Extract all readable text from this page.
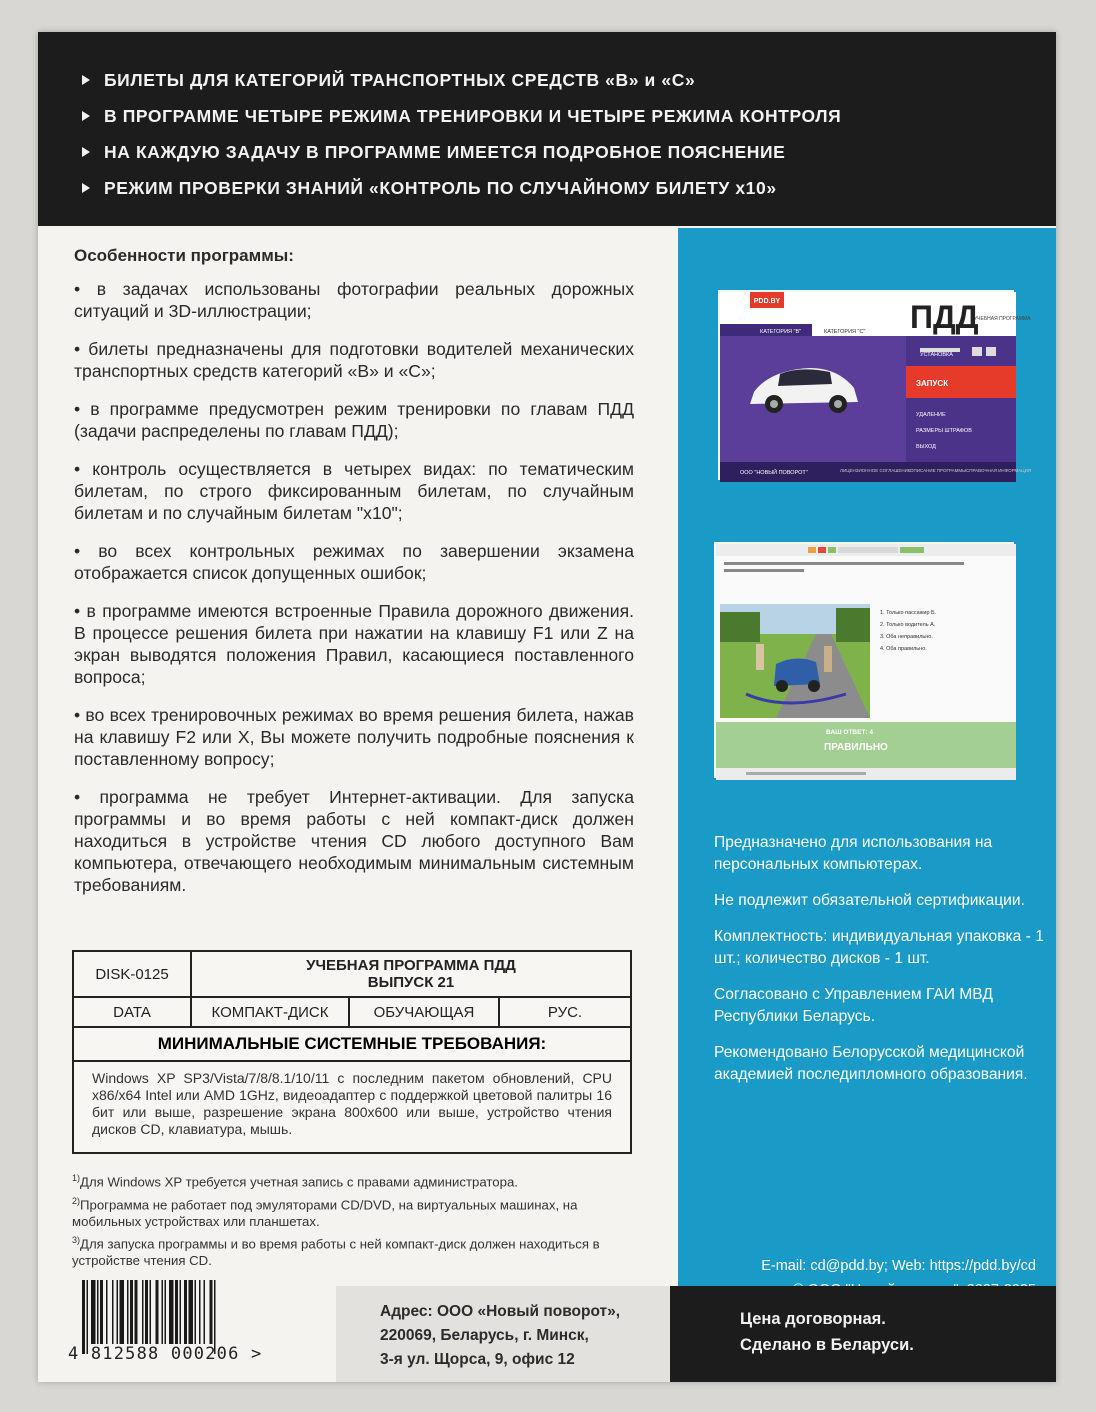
БИЛЕТЫ ДЛЯ КАТЕГОРИЙ ТРАНСПОРТНЫХ СРЕДСТВ «В» и «С»
В ПРОГРАММЕ ЧЕТЫРЕ РЕЖИМА ТРЕНИРОВКИ И ЧЕТЫРЕ РЕЖИМА КОНТРОЛЯ
НА КАЖДУЮ ЗАДАЧУ В ПРОГРАММЕ ИМЕЕТСЯ ПОДРОБНОЕ ПОЯСНЕНИЕ
РЕЖИМ ПРОВЕРКИ ЗНАНИЙ «КОНТРОЛЬ ПО СЛУЧАЙНОМУ БИЛЕТУ х10»
Особенности программы:

• в задачах использованы фотографии реальных дорожных ситуаций и 3D-иллюстрации;

• билеты предназначены для подготовки водителей механических транспортных средств категорий «В» и «С»;

• в программе предусмотрен режим тренировки по главам ПДД (задачи распределены по главам ПДД);

• контроль осуществляется в четырех видах: по тематическим билетам, по строго фиксированным билетам, по случайным билетам и по случайным билетам "х10";

• во всех контрольных режимах по завершении экзамена отображается список допущенных ошибок;

• в программе имеются встроенные Правила дорожного движения. В процессе решения билета при нажатии на клавишу F1 или Z на экран выводятся положения Правил, касающиеся поставленного вопроса;

• во всех тренировочных режимах во время решения билета, нажав на клавишу F2 или X, Вы можете получить подробные пояснения к поставленному вопросу;

• программа не требует Интернет-активации. Для запуска программы и во время работы с ней компакт-диск должен находиться в устройстве чтения CD любого доступного Вам компьютера, отвечающего необходимым минимальным системным требованиям.

DISK-0125	УЧЕБНАЯ ПРОГРАММА ПДД
ВЫПУСК 21
DATA	КОМПАКТ-ДИСК	ОБУЧАЮЩАЯ	РУС.
МИНИМАЛЬНЫЕ СИСТЕМНЫЕ ТРЕБОВАНИЯ:
Windows XP SP3/Vista/7/8/8.1/10/11 с последним пакетом обновлений, CPU x86/x64 Intel или AMD 1GHz, видеоадаптер с поддержкой цветовой палитры 16 бит или выше, разрешение экрана 800x600 или выше, устройство чтения дисков CD, клавиатура, мышь.
$^{1)}$Для Windows XP требуется учетная запись с правами администратора.
$^{2)}$Программа не работает под эмуляторами CD/DVD, на виртуальных машинах, на мобильных устройствах или планшетах.
$^{3)}$Для запуска программы и во время работы с ней компакт-диск должен находиться в устройстве чтения CD.
4 812588 000206 >
Адрес: ООО «Новый поворот»,
220069, Беларусь, г. Минск,
3-я ул. Щорса, 9, офис 12
PDD.BY	ПДД
УЧЕБНАЯ ПРОГРАММА
КАТЕГОРИЯ "В"	КАТЕГОРИЯ "С"
УСТАНОВКА
ЗАПУСК
УДАЛЕНИЕ
РАЗМЕРЫ ШТРАФОВ
ВЫХОД
ООО "НОВЫЙ ПОВОРОТ"	ЛИЦЕНЗИОННОЕ СОГЛАШЕНИЕ ОПИСАНИЕ ПРОГРАММЫ СПРАВОЧНАЯ ИНФОРМАЦИЯ
1. Только пассажир Б.
2. Только водитель А.
3. Оба неправильно.
4. Оба правильно.
ВАШ ОТВЕТ: 4
ПРАВИЛЬНО

Предназначено для использования на персональных компьютерах.

Не подлежит обязательной сертификации.

Комплектность: индивидуальная упаковка - 1 шт.; количество дисков - 1 шт.

Согласовано с Управлением ГАИ МВД Республики Беларусь.

Рекомендовано Белорусской медицинской академией последипломного образования.

E-mail: cd@pdd.by; Web: https://pdd.by/cd
Цена договорная.
Сделано в Беларуси.
